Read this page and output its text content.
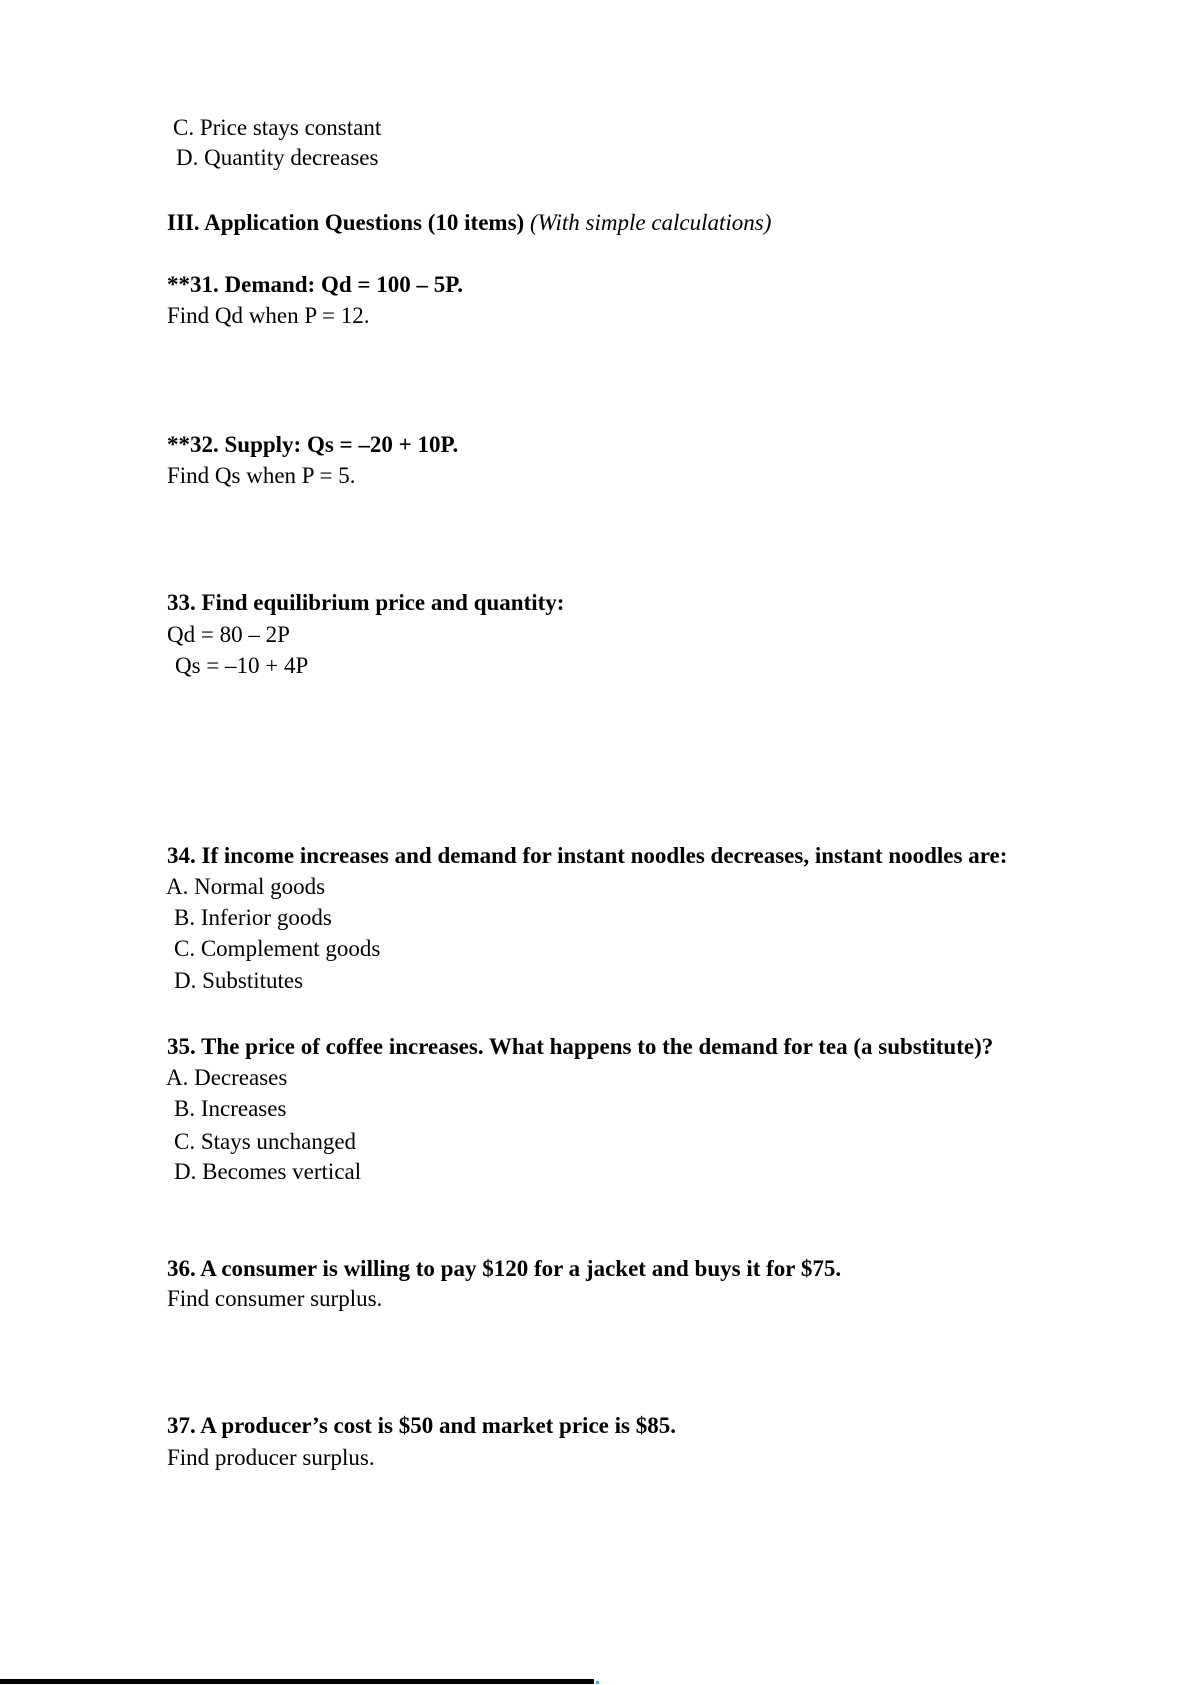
C. Price stays constant
D. Quantity decreases
III. Application Questions (10 items) (With simple calculations)
**31. Demand: Qd = 100 – 5P.
Find Qd when P = 12.
**32. Supply: Qs = –20 + 10P.
Find Qs when P = 5.
33. Find equilibrium price and quantity:
Qd = 80 – 2P
Qs = –10 + 4P
34. If income increases and demand for instant noodles decreases, instant noodles are:
A. Normal goods
B. Inferior goods
C. Complement goods
D. Substitutes
35. The price of coffee increases. What happens to the demand for tea (a substitute)?
A. Decreases
B. Increases
C. Stays unchanged
D. Becomes vertical
36. A consumer is willing to pay $120 for a jacket and buys it for $75.
Find consumer surplus.
37. A producer’s cost is $50 and market price is $85.
Find producer surplus.
